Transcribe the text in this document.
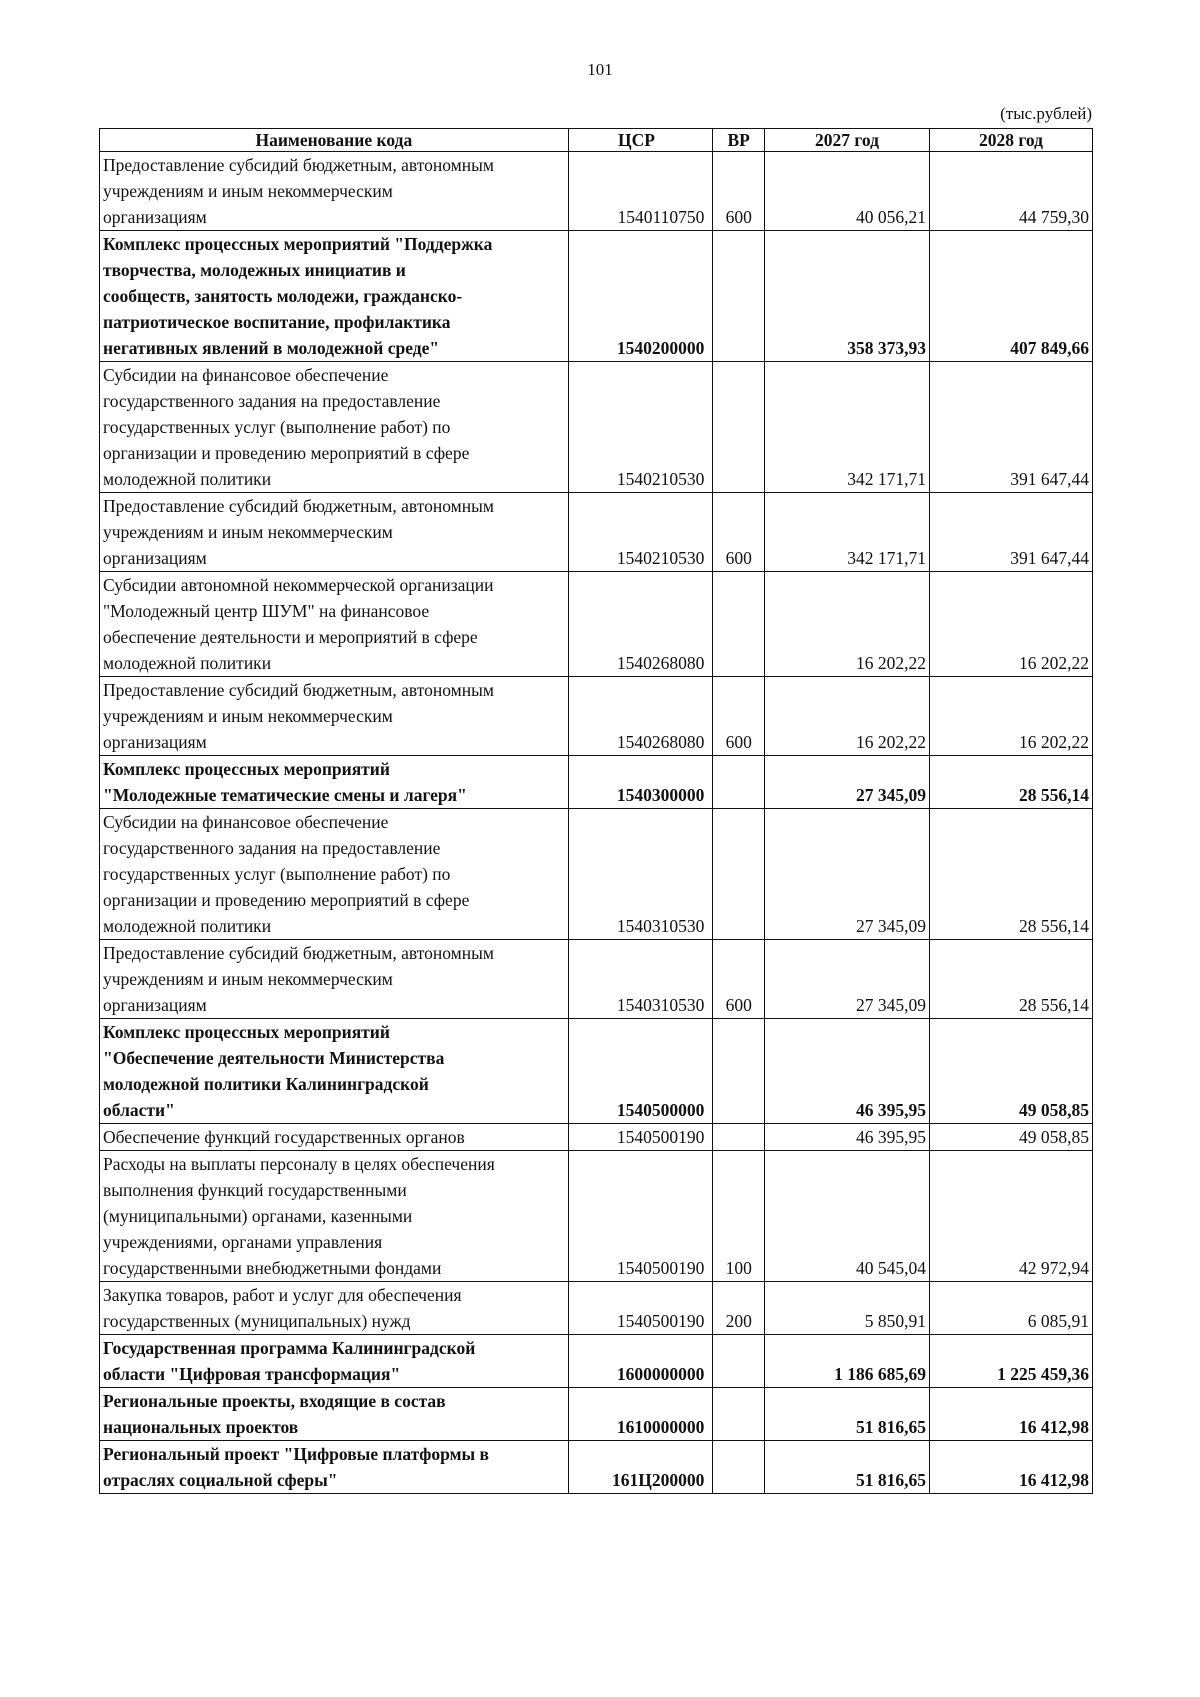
101
(тыс.рублей)
Наименование кода	ЦСР	ВР	2027 год	2028 год

Предоставление субсидий бюджетным, автономным
учреждениям и иным некоммерческим
организациям	1540110750	600	40 056,21	44 759,30

Комплекс процессных мероприятий "Поддержка
творчества, молодежных инициатив и
сообществ, занятость молодежи, гражданско-
патриотическое воспитание, профилактика
негативных явлений в молодежной среде"	1540200000		358 373,93	407 849,66

Субсидии на финансовое обеспечение
государственного задания на предоставление
государственных услуг (выполнение работ) по
организации и проведению мероприятий в сфере
молодежной политики	1540210530		342 171,71	391 647,44

Предоставление субсидий бюджетным, автономным
учреждениям и иным некоммерческим
организациям	1540210530	600	342 171,71	391 647,44

Субсидии автономной некоммерческой организации
"Молодежный центр ШУМ" на финансовое
обеспечение деятельности и мероприятий в сфере
молодежной политики	1540268080		16 202,22	16 202,22

Предоставление субсидий бюджетным, автономным
учреждениям и иным некоммерческим
организациям	1540268080	600	16 202,22	16 202,22

Комплекс процессных мероприятий
"Молодежные тематические смены и лагеря"	1540300000		27 345,09	28 556,14

Субсидии на финансовое обеспечение
государственного задания на предоставление
государственных услуг (выполнение работ) по
организации и проведению мероприятий в сфере
молодежной политики	1540310530		27 345,09	28 556,14

Предоставление субсидий бюджетным, автономным
учреждениям и иным некоммерческим
организациям	1540310530	600	27 345,09	28 556,14

Комплекс процессных мероприятий
"Обеспечение деятельности Министерства
молодежной политики Калининградской
области"	1540500000		46 395,95	49 058,85

Обеспечение функций государственных органов	1540500190		46 395,95	49 058,85

Расходы на выплаты персоналу в целях обеспечения
выполнения функций государственными
(муниципальными) органами, казенными
учреждениями, органами управления
государственными внебюджетными фондами	1540500190	100	40 545,04	42 972,94

Закупка товаров, работ и услуг для обеспечения
государственных (муниципальных) нужд	1540500190	200	5 850,91	6 085,91

Государственная программа Калининградской
области "Цифровая трансформация"	1600000000		1 186 685,69	1 225 459,36

Региональные проекты, входящие в состав
национальных проектов	1610000000		51 816,65	16 412,98

Региональный проект "Цифровые платформы в
отраслях социальной сферы"	161Ц200000		51 816,65	16 412,98
